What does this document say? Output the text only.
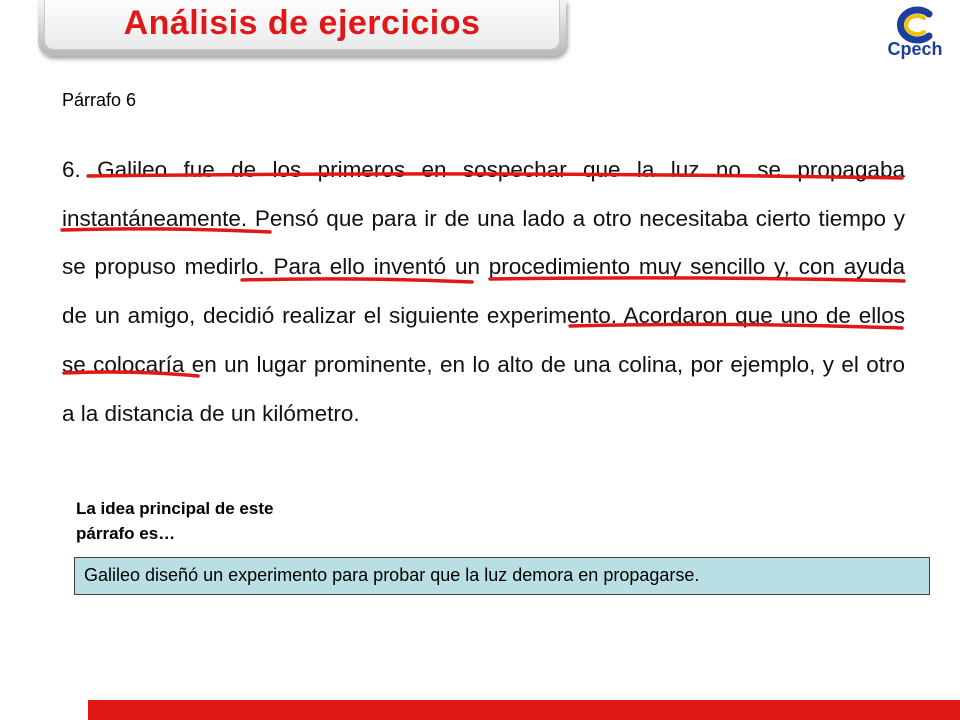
Análisis de ejercicios
Cpech
Párrafo 6

6. Galileo fue de los primeros en sospechar que la luz no se propagaba instantáneamente. Pensó que para ir de una lado a otro necesitaba cierto tiempo y se propuso medirlo. Para ello inventó un procedimiento muy sencillo y, con ayuda de un amigo, decidió realizar el siguiente experimento. Acordaron que uno de ellos se colocaría en un lugar prominente, en lo alto de una colina, por ejemplo, y el otro a la distancia de un kilómetro.

La idea principal de este párrafo es…
Galileo diseñó un experimento para probar que la luz demora en propagarse.
